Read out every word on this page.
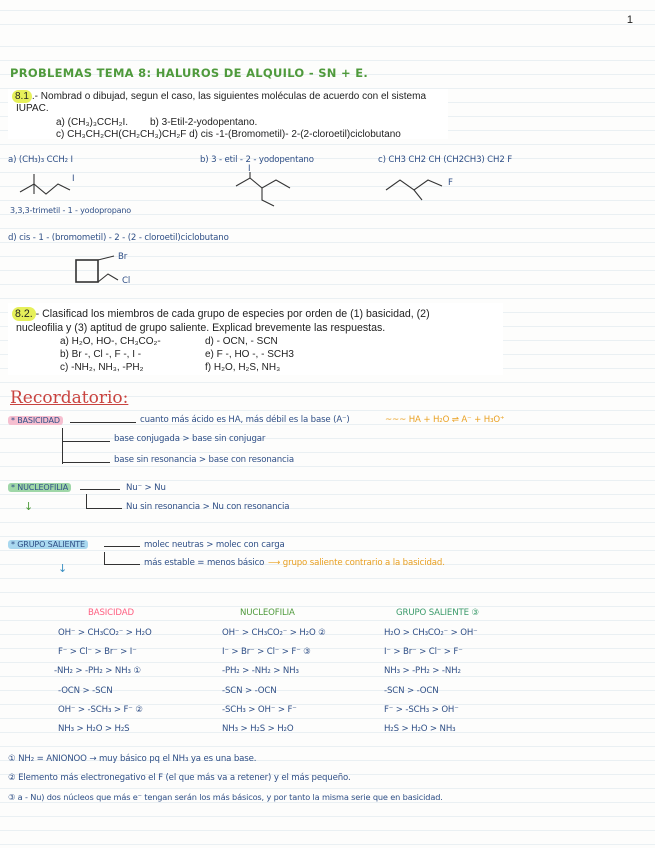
1
PROBLEMAS TEMA 8: HALUROS DE ALQUILO - SN + E.
8.1 .- Nombrad o dibujad, segun el caso, las siguientes moléculas de acuerdo con el sistema
IUPAC.
a) (CH₃)₃CCH₂I. b) 3-Etil-2-yodopentano.
c) CH₃CH₂CH(CH₂CH₃)CH₂F d) cis -1-(Bromometil)- 2-(2-cloroetil)ciclobutano
a) (CH₃)₃ CCH₂ I	b) 3 - etil - 2 - yodopentano	c) CH3 CH2 CH (CH2CH3) CH2 F
I
3,3,3-trimetil - 1 - yodopropano
I
F
d) cis - 1 - (bromometil) - 2 - (2 - cloroetil)ciclobutano
Br
Cl
8.2. - Clasificad los miembros de cada grupo de especies por orden de (1) basicidad, (2)
nucleofilia y (3) aptitud de grupo saliente. Explicad brevemente las respuestas.
a) H₂O, HO-, CH₃CO₂-	d) - OCN, - SCN
b) Br -, Cl -, F -, I -	e) F -, HO -, - SCH3
c) -NH₂, NH₃, -PH₂	f) H₂O, H₂S, NH₃
Recordatorio:
* BASICIDAD	cuanto más ácido es HA, más débil es la base (A⁻)	~~~ HA + H₂O ⇌ A⁻ + H₃O⁺
base conjugada > base sin conjugar
base sin resonancia > base con resonancia
* NUCLEOFILIA	Nu⁻ > Nu
Nu sin resonancia > Nu con resonancia
↓
* GRUPO SALIENTE	molec neutras > molec con carga
más estable = menos básico ⟶ grupo saliente contrario a la basicidad.
↓
BASICIDAD	NUCLEOFILIA	GRUPO SALIENTE ③
OH⁻ > CH₃CO₂⁻ > H₂O	OH⁻ > CH₃CO₂⁻ > H₂O ②	H₂O > CH₃CO₂⁻ > OH⁻
F⁻ > Cl⁻ > Br⁻ > I⁻	I⁻ > Br⁻ > Cl⁻ > F⁻ ③	I⁻ > Br⁻ > Cl⁻ > F⁻
-NH₂ > -PH₂ > NH₃ ①	-PH₂ > -NH₂ > NH₃	NH₃ > -PH₂ > -NH₂
-OCN > -SCN	-SCN > -OCN	-SCN > -OCN
OH⁻ > -SCH₃ > F⁻ ②	-SCH₃ > OH⁻ > F⁻	F⁻ > -SCH₃ > OH⁻
NH₃ > H₂O > H₂S	NH₃ > H₂S > H₂O	H₂S > H₂O > NH₃
① NH₂ = ANIONOO → muy básico pq el NH₃ ya es una base.
② Elemento más electronegativo el F (el que más va a retener) y el más pequeño.
③ a - Nu) dos núcleos que más e⁻ tengan serán los más básicos, y por tanto la misma serie que en basicidad.
